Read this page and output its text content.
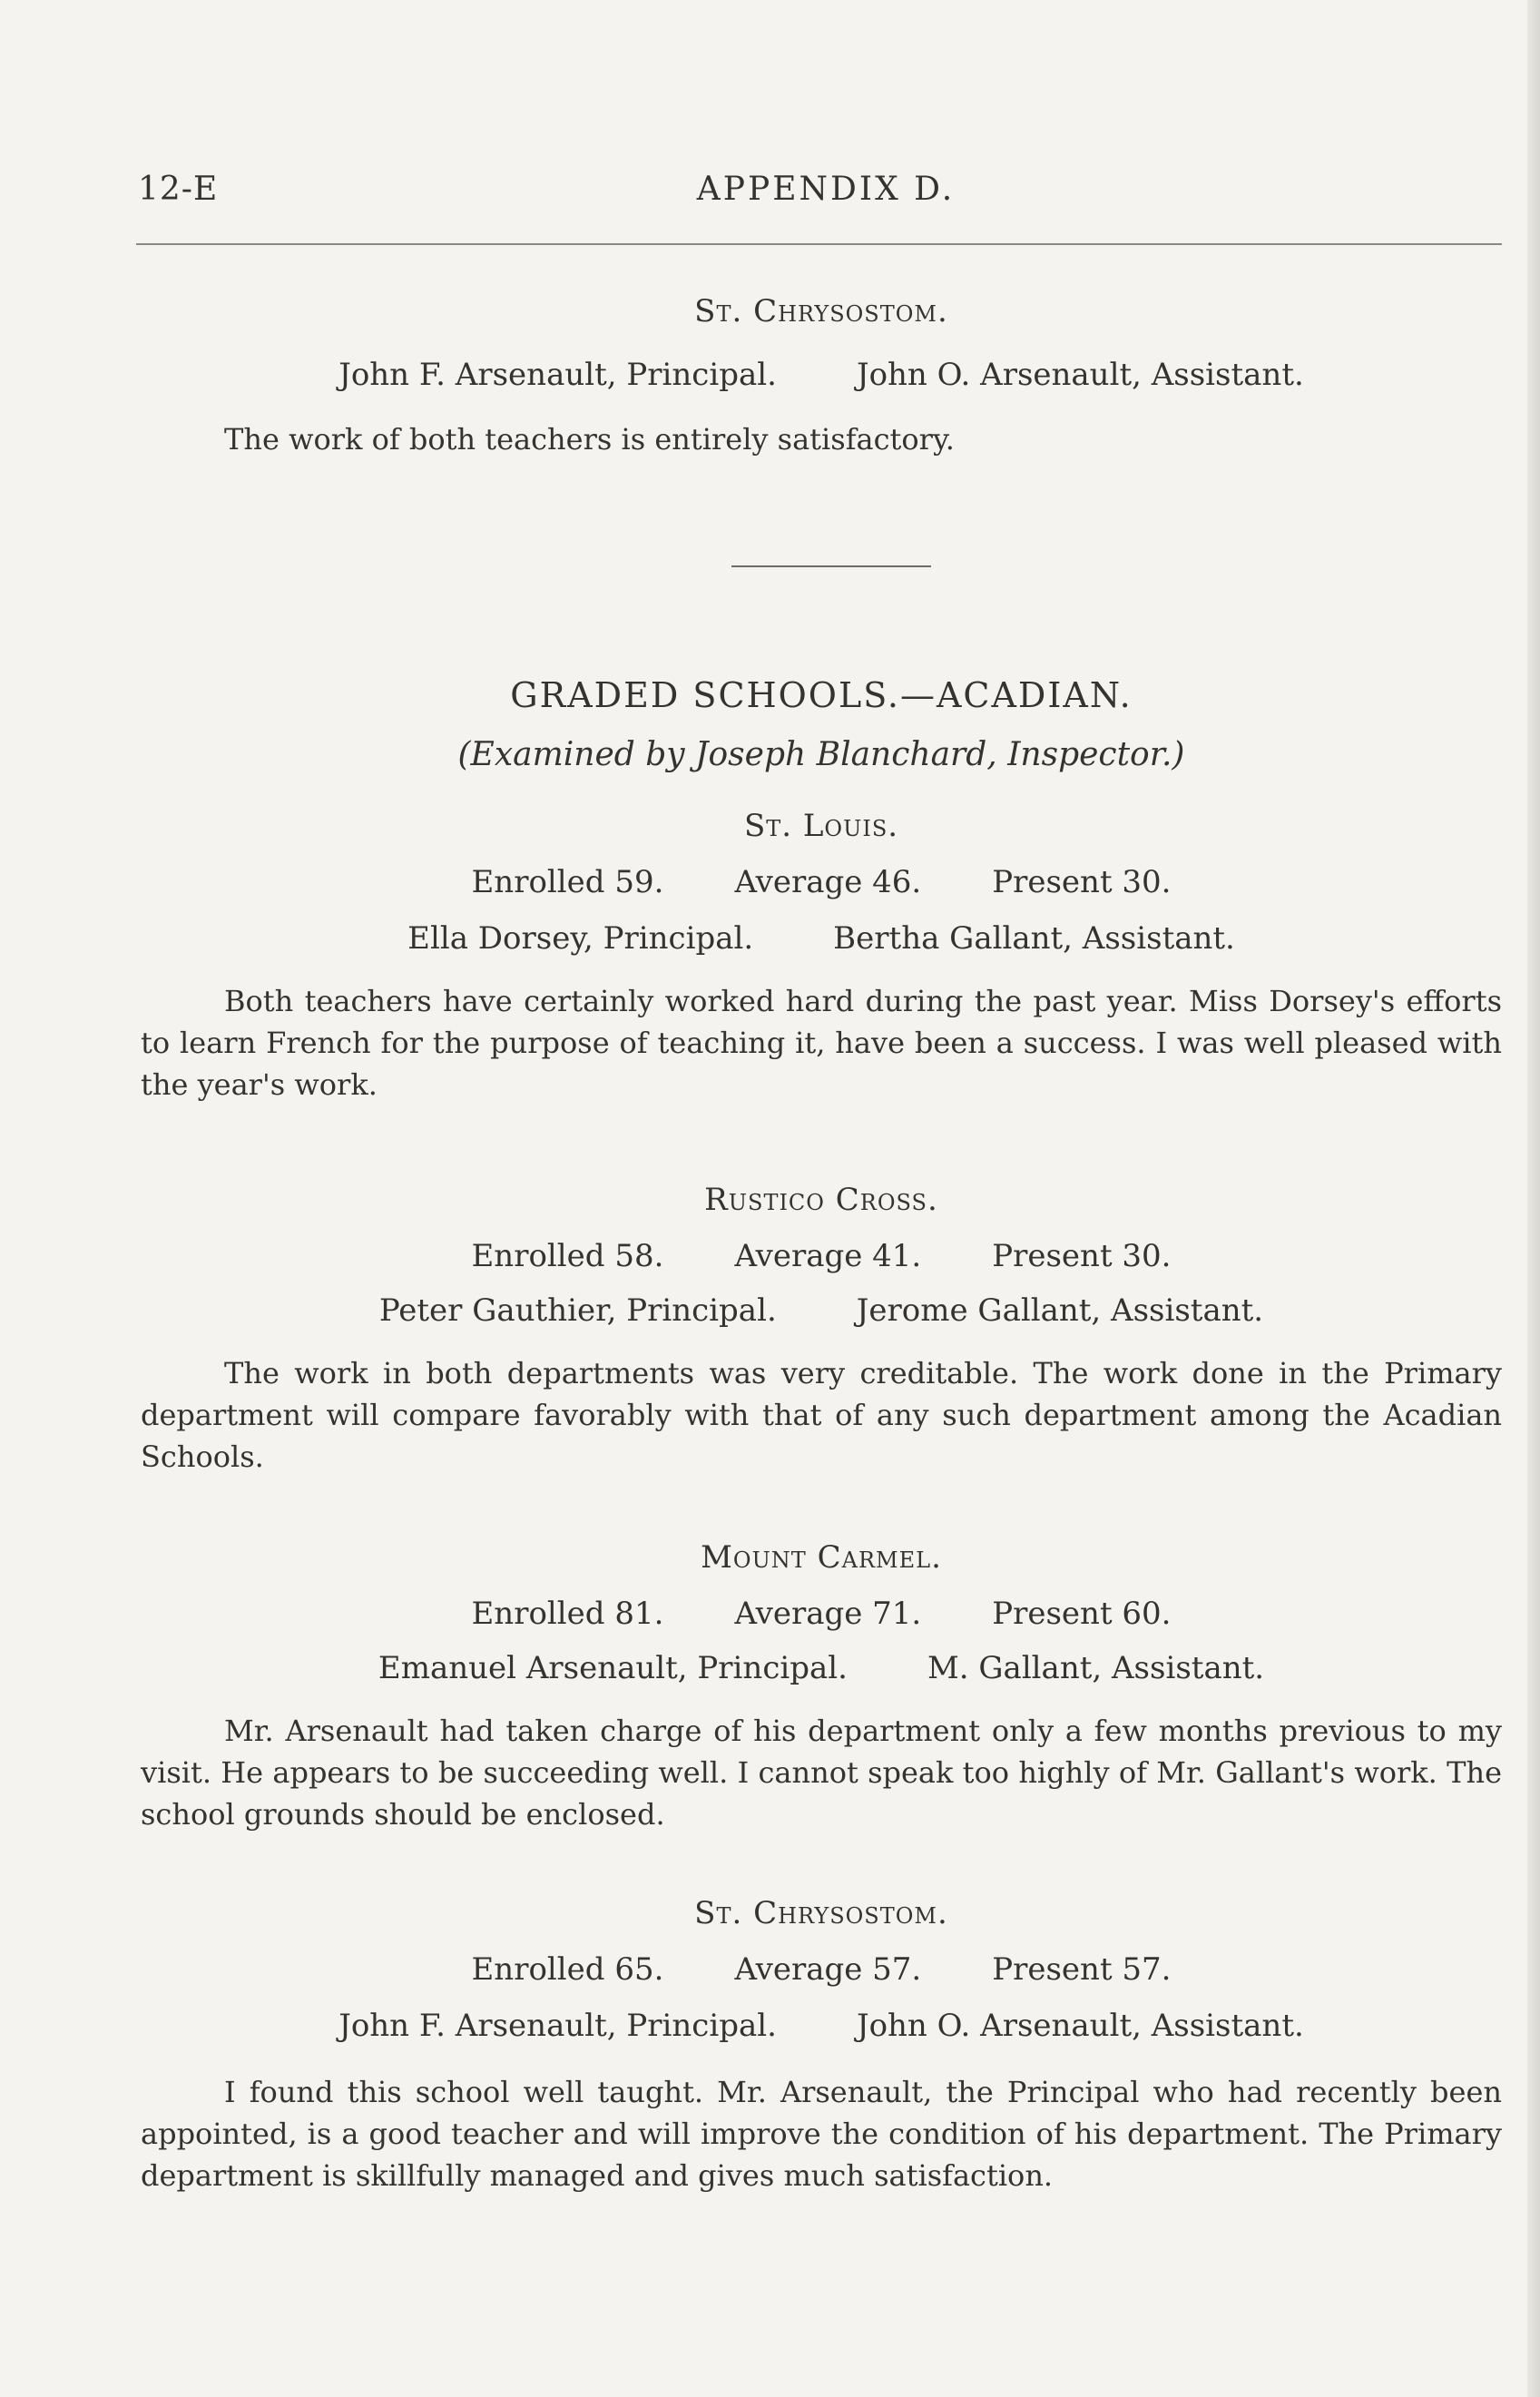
12-E	APPENDIX D.
St. Chrysostom.
John F. Arsenault, Principal.	John O. Arsenault, Assistant.
The work of both teachers is entirely satisfactory.
GRADED SCHOOLS.—ACADIAN.
(Examined by Joseph Blanchard, Inspector.)
St. Louis.
Enrolled 59. Average 46. Present 30.
Ella Dorsey, Principal.	Bertha Gallant, Assistant.
Both teachers have certainly worked hard during the past year. Miss Dorsey's efforts to learn French for the purpose of teaching it, have been a success. I was well pleased with the year's work.
Rustico Cross.
Enrolled 58. Average 41. Present 30.
Peter Gauthier, Principal.	Jerome Gallant, Assistant.
The work in both departments was very creditable. The work done in the Primary department will compare favorably with that of any such department among the Acadian Schools.
Mount Carmel.
Enrolled 81. Average 71. Present 60.
Emanuel Arsenault, Principal.	M. Gallant, Assistant.
Mr. Arsenault had taken charge of his department only a few months previous to my visit. He appears to be succeeding well. I cannot speak too highly of Mr. Gallant's work. The school grounds should be enclosed.
St. Chrysostom.
Enrolled 65. Average 57. Present 57.
John F. Arsenault, Principal.	John O. Arsenault, Assistant.
I found this school well taught. Mr. Arsenault, the Principal who had recently been appointed, is a good teacher and will improve the condition of his department. The Primary department is skillfully managed and gives much satisfaction.
